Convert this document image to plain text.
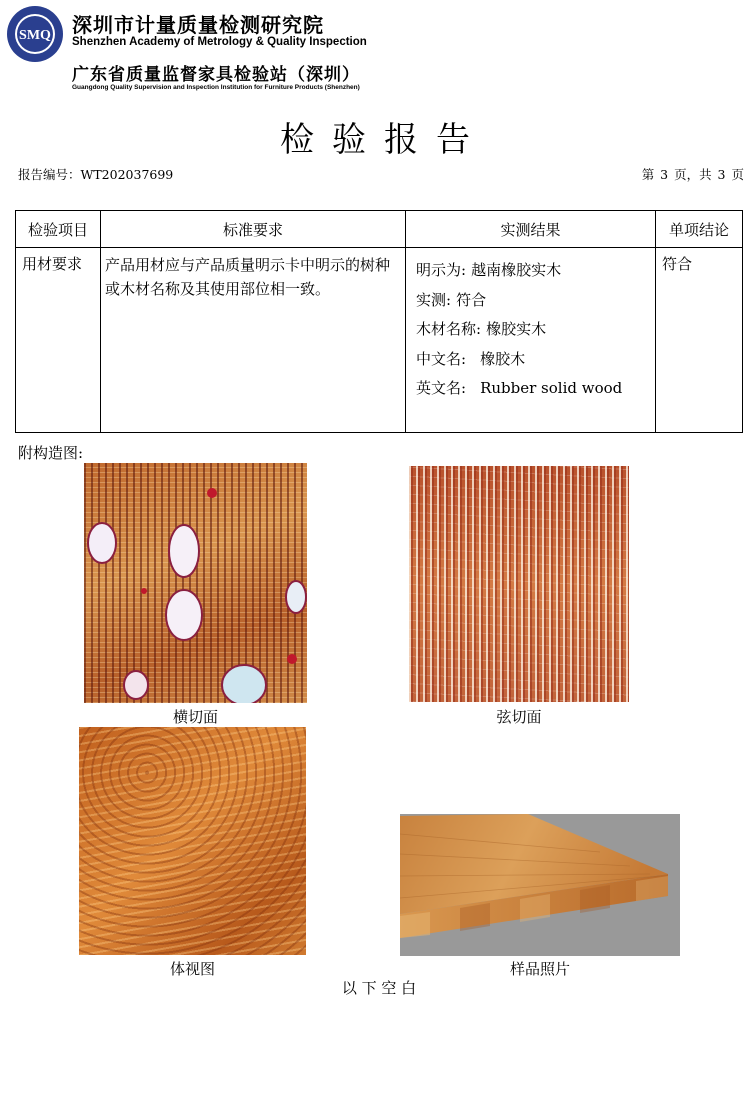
SMQ 深圳市计量质量检测研究院
Shenzhen Academy of Metrology & Quality Inspection
广东省质量监督家具检验站（深圳）
Guangdong Quality Supervision and Inspection Institution for Furniture Products (Shenzhen)
检验报告
报告编号：WT202037699	第 3 页，共 3 页
检验项目	标准要求	实测结果	单项结论
用材要求	产品用材应与产品质量明示卡中明示的树种或木材名称及其使用部位相一致。	明示为: 越南橡胶实木
实测: 符合
木材名称: 橡胶实木
中文名: 橡胶木
英文名: Rubber solid wood	符合
附构造图:
横切面	弦切面
体视图	样品照片
以 下 空 白
